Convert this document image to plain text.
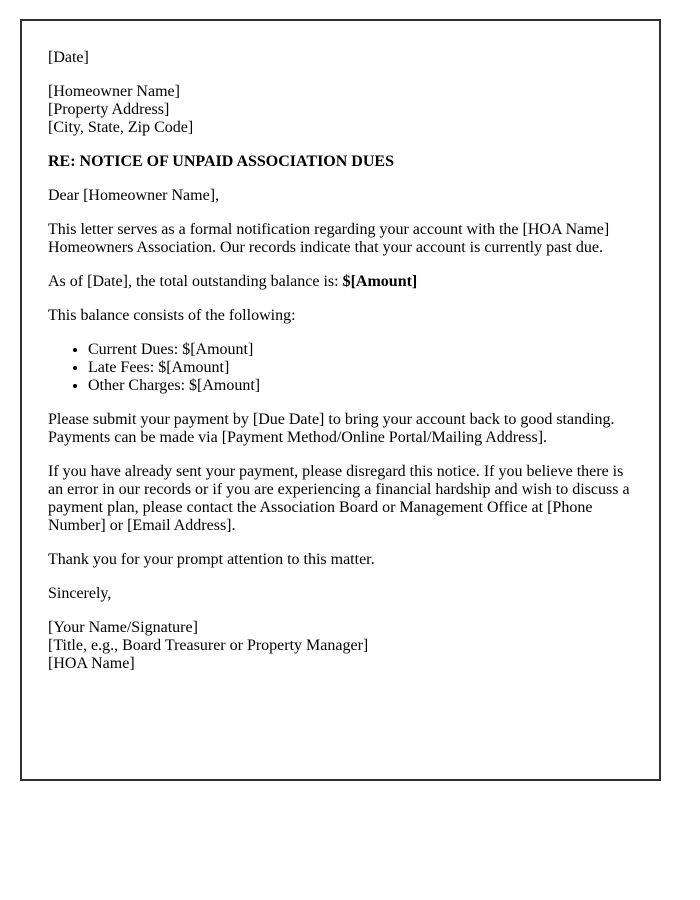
[Date]

[Homeowner Name]
[Property Address]
[City, State, Zip Code]

RE: NOTICE OF UNPAID ASSOCIATION DUES

Dear [Homeowner Name],

This letter serves as a formal notification regarding your account with the [HOA Name] Homeowners Association. Our records indicate that your account is currently past due.

As of [Date], the total outstanding balance is: $[Amount]

This balance consists of the following:

• Current Dues: $[Amount]
• Late Fees: $[Amount]
• Other Charges: $[Amount]

Please submit your payment by [Due Date] to bring your account back to good standing. Payments can be made via [Payment Method/Online Portal/Mailing Address].

If you have already sent your payment, please disregard this notice. If you believe there is an error in our records or if you are experiencing a financial hardship and wish to discuss a payment plan, please contact the Association Board or Management Office at [Phone Number] or [Email Address].

Thank you for your prompt attention to this matter.

Sincerely,

[Your Name/Signature]
[Title, e.g., Board Treasurer or Property Manager]
[HOA Name]
